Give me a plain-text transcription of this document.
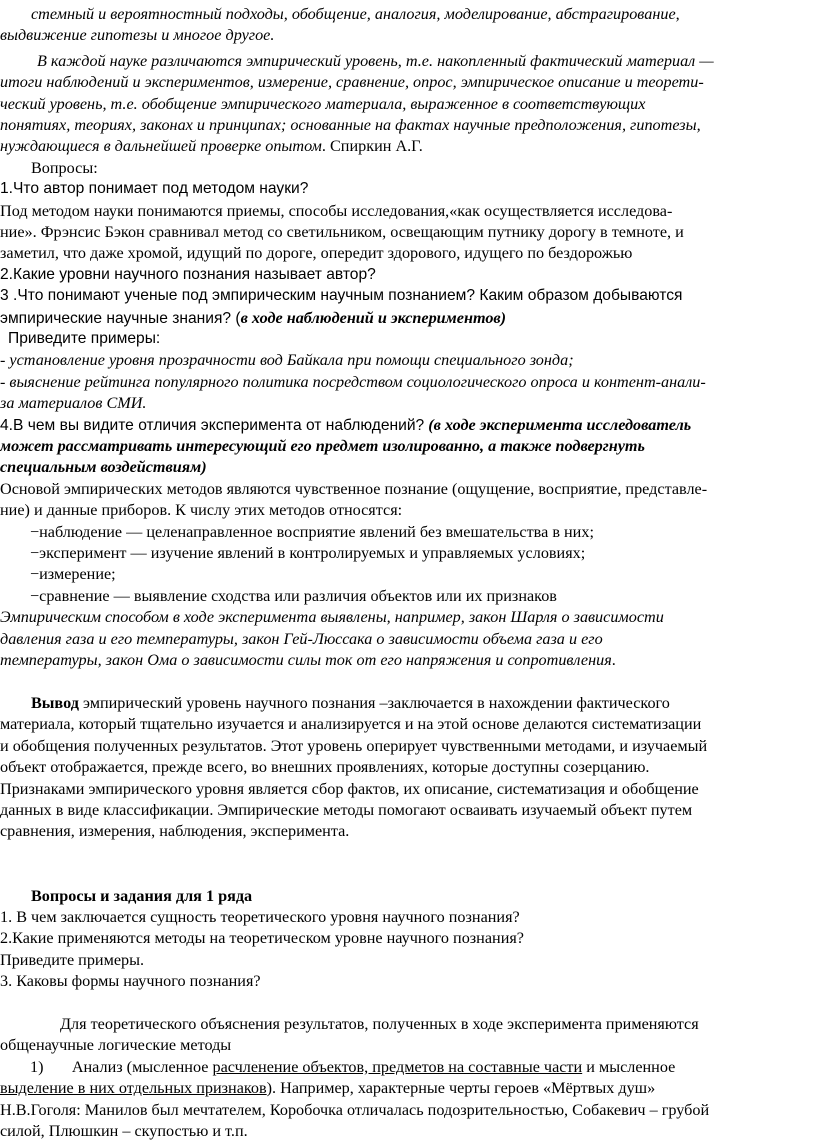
стемный и вероятностный подходы, обобщение, аналогия, моделирование, абстрагирование,
выдвижение гипотезы и многое другое.
В каждой науке различаются эмпирический уровень, т.е. накопленный фактический материал —
итоги наблюдений и экспериментов, измерение, сравнение, опрос, эмпирическое описание и теорети-
ческий уровень, т.е. обобщение эмпирического материала, выраженное в соответствующих
понятиях, теориях, законах и принципах; основанные на фактах научные предположения, гипотезы,
нуждающиеся в дальнейшей проверке опытом. Спиркин А.Г.
Вопросы:
1.Что автор понимает под методом науки?
Под методом науки понимаются приемы, способы исследования,«как осуществляется исследова-
ние». Фрэнсис Бэкон сравнивал метод со светильником, освещающим путнику дорогу в темноте, и
заметил, что даже хромой, идущий по дороге, опередит здорового, идущего по бездорожью
2.Какие уровни научного познания называет автор?
3 .Что понимают ученые под эмпирическим научным познанием? Каким образом добываются
эмпирические научные знания? (в ходе наблюдений и экспериментов)
Приведите примеры:
- установление уровня прозрачности вод Байкала при помощи специального зонда;
- выяснение рейтинга популярного политика посредством социологического опроса и контент-анали-
за материалов СМИ.
4.В чем вы видите отличия эксперимента от наблюдений? (в ходе эксперимента исследователь
может рассматривать интересующий его предмет изолированно, а также подвергнуть
специальным воздействиям)
Основой эмпирических методов являются чувственное познание (ощущение, восприятие, представле-
ние) и данные приборов. К числу этих методов относятся:
−наблюдение — целенаправленное восприятие явлений без вмешательства в них;
−эксперимент — изучение явлений в контролируемых и управляемых условиях;
−измерение;
−сравнение — выявление сходства или различия объектов или их признаков
Эмпирическим способом в ходе эксперимента выявлены, например, закон Шарля о зависимости
давления газа и его температуры, закон Гей-Люссака о зависимости объема газа и его
температуры, закон Ома о зависимости силы ток от его напряжения и сопротивления.
Вывод эмпирический уровень научного познания –заключается в нахождении фактического
материала, который тщательно изучается и анализируется и на этой основе делаются систематизации
и обобщения полученных результатов. Этот уровень оперирует чувственными методами, и изучаемый
объект отображается, прежде всего, во внешних проявлениях, которые доступны созерцанию.
Признаками эмпирического уровня является сбор фактов, их описание, систематизация и обобщение
данных в виде классификации. Эмпирические методы помогают осваивать изучаемый объект путем
сравнения, измерения, наблюдения, эксперимента.
Вопросы и задания для 1 ряда
1. В чем заключается сущность теоретического уровня научного познания?
2.Какие применяются методы на теоретическом уровне научного познания?
Приведите примеры.
3. Каковы формы научного познания?
Для теоретического объяснения результатов, полученных в ходе эксперимента применяются
общенаучные логические методы
1) Анализ (мысленное расчленение объектов, предметов на составные части и мысленное
выделение в них отдельных признаков). Например, характерные черты героев «Мёртвых душ»
Н.В.Гоголя: Манилов был мечтателем, Коробочка отличалась подозрительностью, Собакевич – грубой
силой, Плюшкин – скупостью и т.п.
